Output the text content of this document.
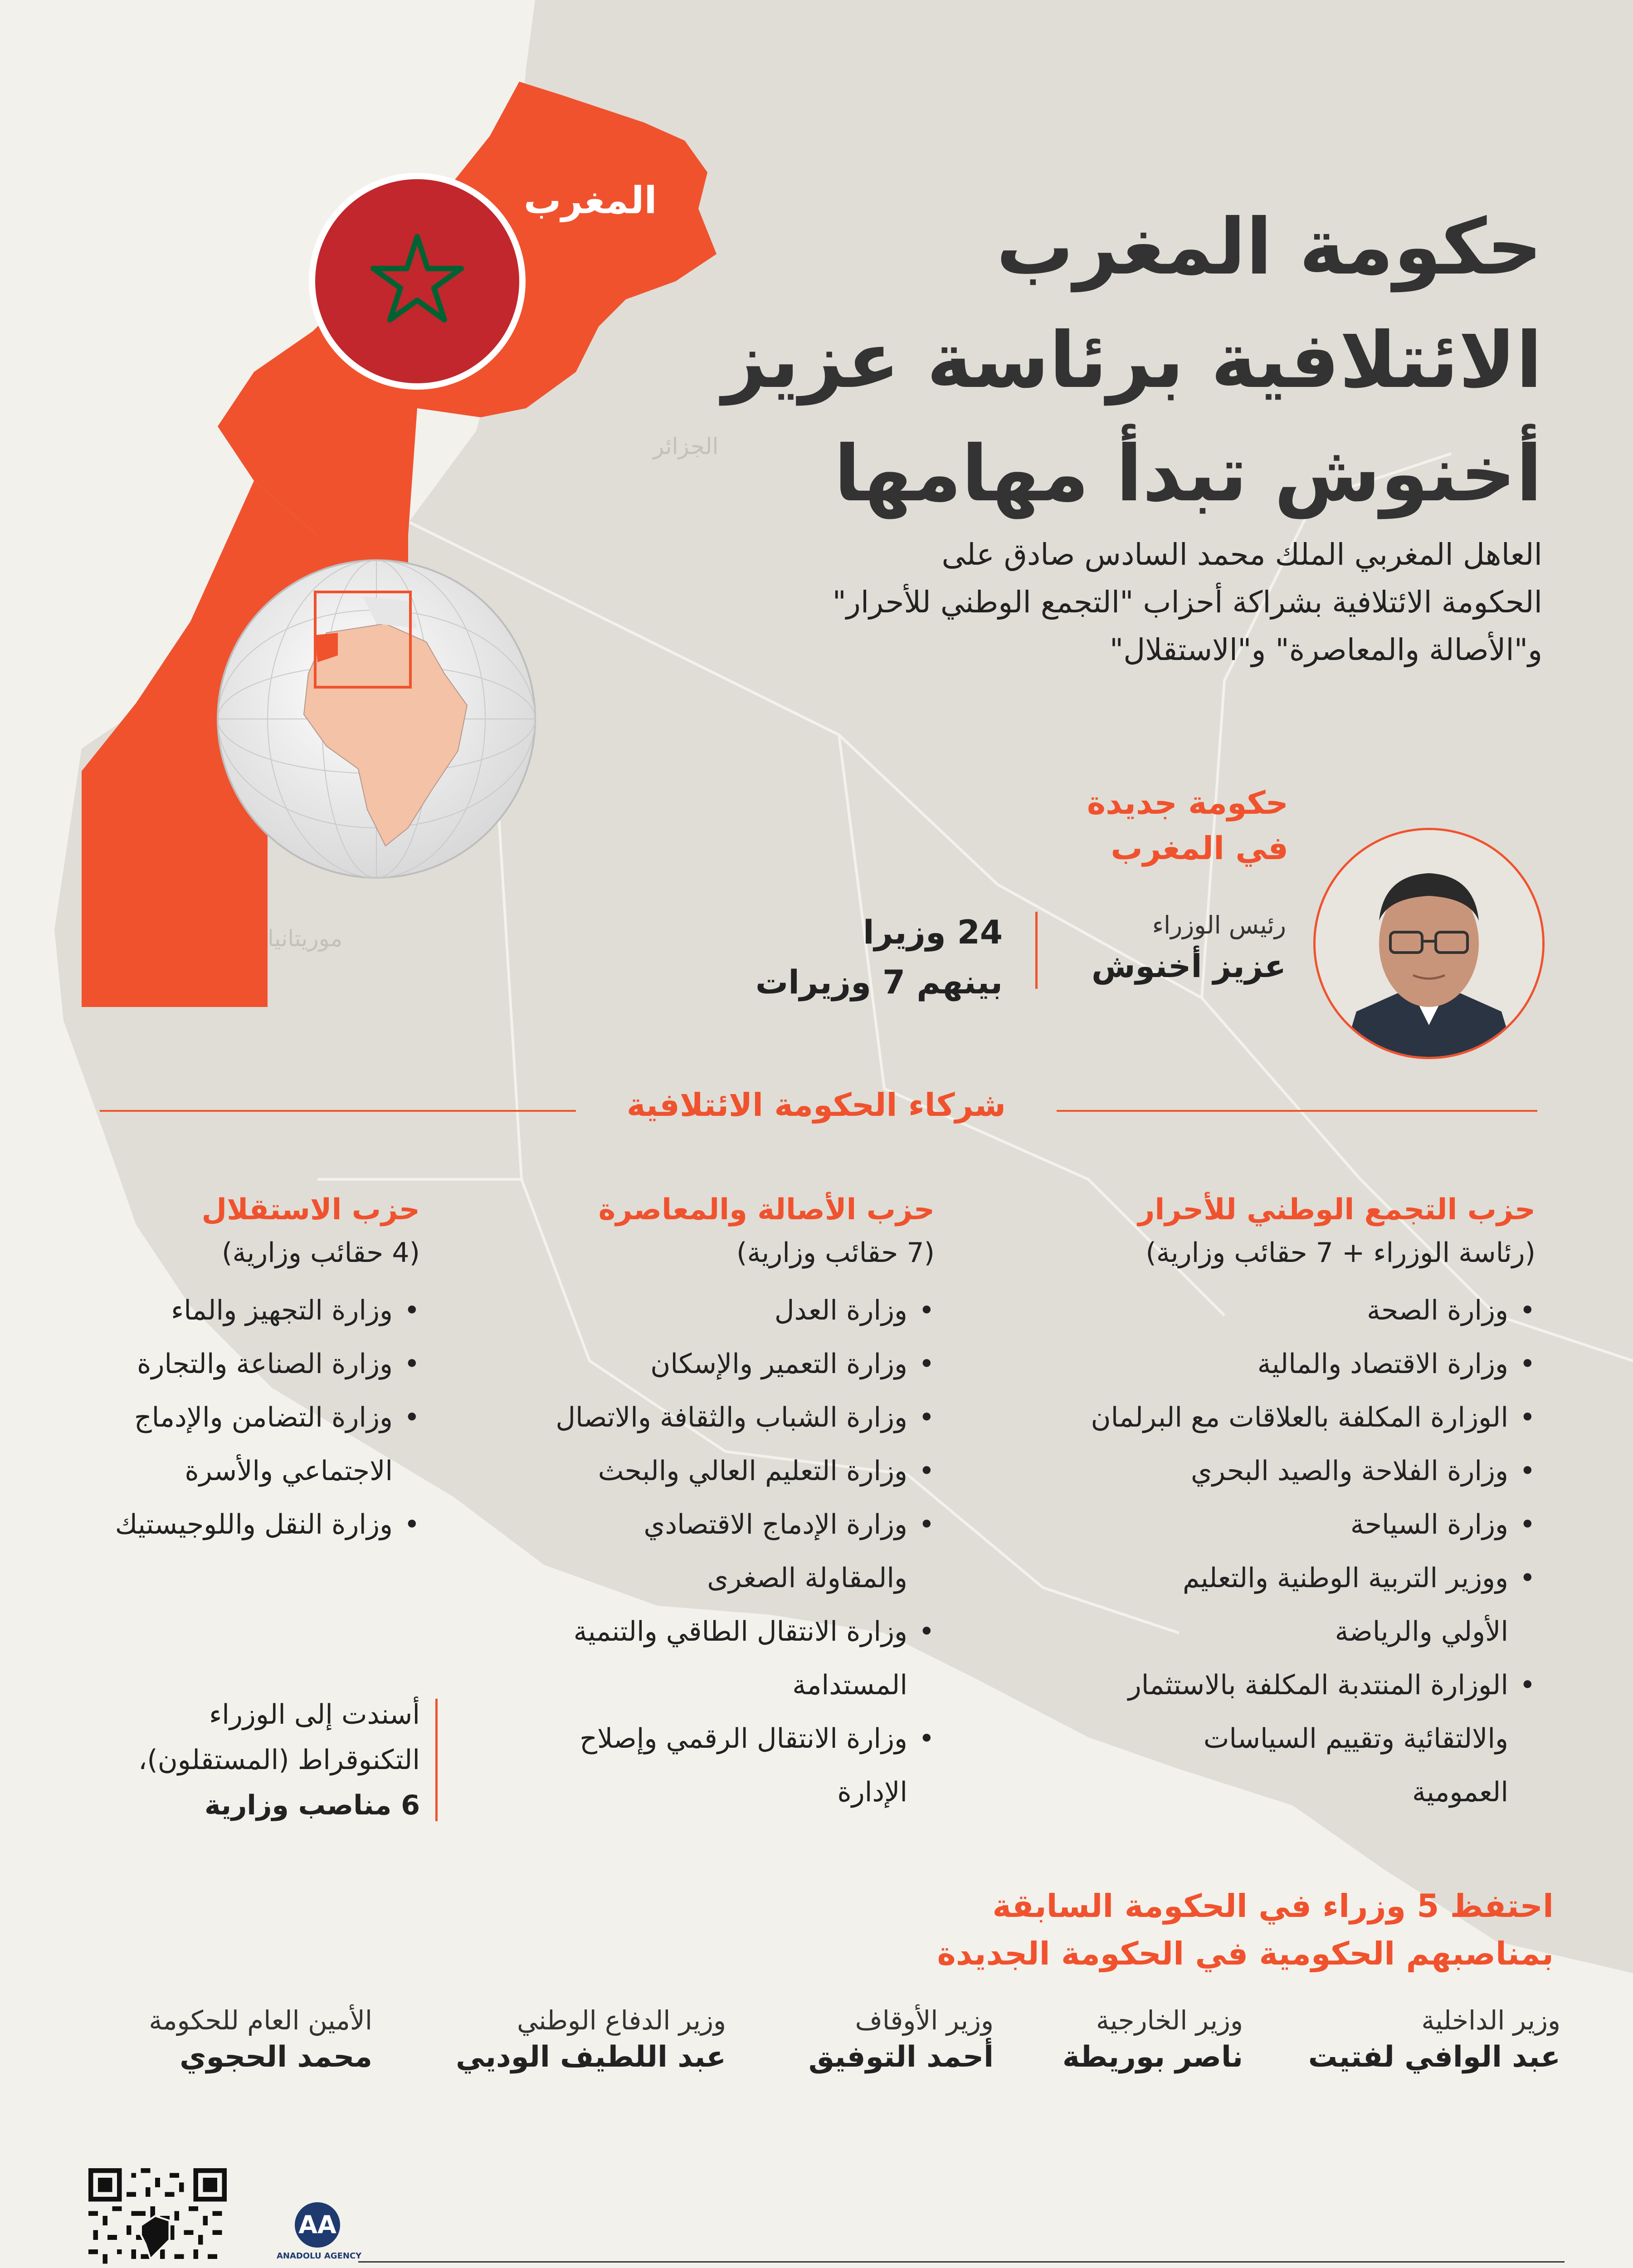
المغرب
الجزائر
موريتانيا
حكومة المغرب
الائتلافية برئاسة عزيز
أخنوش تبدأ مهامها
العاهل المغربي الملك محمد السادس صادق على
الحكومة الائتلافية بشراكة أحزاب "التجمع الوطني للأحرار"
و"الأصالة والمعاصرة" و"الاستقلال"
حكومة جديدة
في المغرب
رئيس الوزراء
عزيز أخنوش
24 وزيرا
بينهم 7 وزيرات
شركاء الحكومة الائتلافية
حزب التجمع الوطني للأحرار
(رئاسة الوزراء + 7 حقائب وزارية)
• وزارة الصحة
• وزارة الاقتصاد والمالية
• الوزارة المكلفة بالعلاقات مع البرلمان
• وزارة الفلاحة والصيد البحري
• وزارة السياحة
• ووزير التربية الوطنية والتعليم
الأولي والرياضة
• الوزارة المنتدبة المكلفة بالاستثمار
والالتقائية وتقييم السياسات
العمومية
حزب الأصالة والمعاصرة
(7 حقائب وزارية)
• وزارة العدل
• وزارة التعمير والإسكان
• وزارة الشباب والثقافة والاتصال
• وزارة التعليم العالي والبحث
• وزارة الإدماج الاقتصادي
والمقاولة الصغرى
• وزارة الانتقال الطاقي والتنمية
المستدامة
• وزارة الانتقال الرقمي وإصلاح
الإدارة
حزب الاستقلال
(4 حقائب وزارية)
• وزارة التجهيز والماء
• وزارة الصناعة والتجارة
• وزارة التضامن والإدماج
الاجتماعي والأسرة
• وزارة النقل واللوجيستيك
أسندت إلى الوزراء
التكنوقراط (المستقلون)،
6 مناصب وزارية
احتفظ 5 وزراء في الحكومة السابقة
بمناصبهم الحكومية في الحكومة الجديدة
وزير الداخلية
عبد الوافي لفتيت
وزير الخارجية
ناصر بوريطة
وزير الأوقاف
أحمد التوفيق
وزير الدفاع الوطني
عبد اللطيف الوديي
الأمين العام للحكومة
محمد الحجوي
AA
ANADOLU AGENCY
